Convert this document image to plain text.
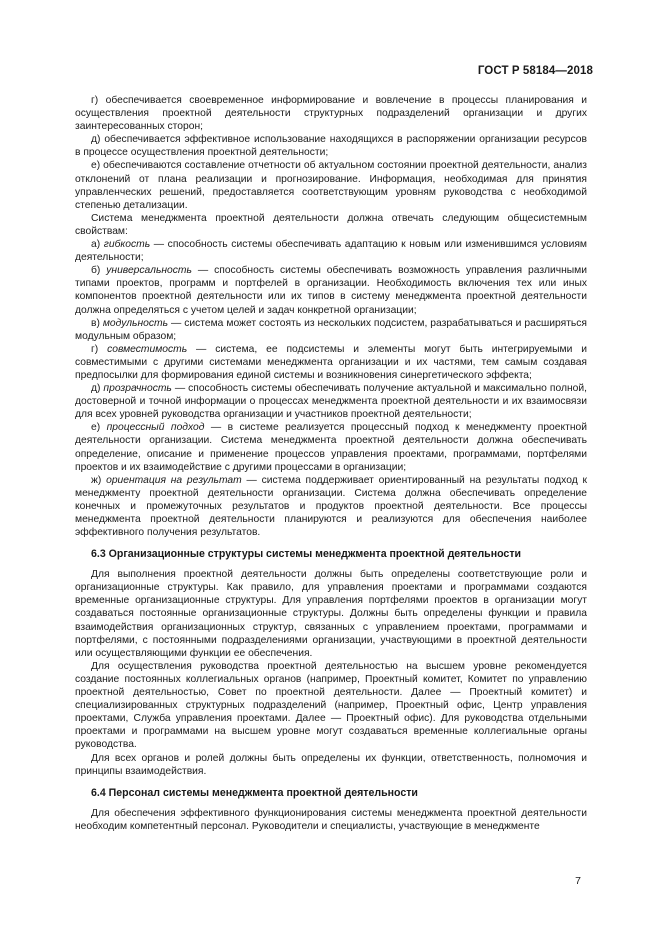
ГОСТ Р 58184—2018

г) обеспечивается своевременное информирование и вовлечение в процессы планирования и осуществления проектной деятельности структурных подразделений организации и других заинтересованных сторон;

д) обеспечивается эффективное использование находящихся в распоряжении организации ресурсов в процессе осуществления проектной деятельности;

е) обеспечиваются составление отчетности об актуальном состоянии проектной деятельности, анализ отклонений от плана реализации и прогнозирование. Информация, необходимая для принятия управленческих решений, предоставляется соответствующим уровням руководства с необходимой степенью детализации.

Система менеджмента проектной деятельности должна отвечать следующим общесистемным свойствам:

а) гибкость — способность системы обеспечивать адаптацию к новым или изменившимся условиям деятельности;

б) универсальность — способность системы обеспечивать возможность управления различными типами проектов, программ и портфелей в организации. Необходимость включения тех или иных компонентов проектной деятельности или их типов в систему менеджмента проектной деятельности должна определяться с учетом целей и задач конкретной организации;

в) модульность — система может состоять из нескольких подсистем, разрабатываться и расширяться модульным образом;

г) совместимость — система, ее подсистемы и элементы могут быть интегрируемыми и совместимыми с другими системами менеджмента организации и их частями, тем самым создавая предпосылки для формирования единой системы и возникновения синергетического эффекта;

д) прозрачность — способность системы обеспечивать получение актуальной и максимально полной, достоверной и точной информации о процессах менеджмента проектной деятельности и их взаимосвязи для всех уровней руководства организации и участников проектной деятельности;

е) процессный подход — в системе реализуется процессный подход к менеджменту проектной деятельности организации. Система менеджмента проектной деятельности должна обеспечивать определение, описание и применение процессов управления проектами, программами, портфелями проектов и их взаимодействие с другими процессами в организации;

ж) ориентация на результат — система поддерживает ориентированный на результаты подход к менеджменту проектной деятельности организации. Система должна обеспечивать определение конечных и промежуточных результатов и продуктов проектной деятельности. Все процессы менеджмента проектной деятельности планируются и реализуются для обеспечения наиболее эффективного получения результатов.

6.3 Организационные структуры системы менеджмента проектной деятельности

Для выполнения проектной деятельности должны быть определены соответствующие роли и организационные структуры. Как правило, для управления проектами и программами создаются временные организационные структуры. Для управления портфелями проектов в организации могут создаваться постоянные организационные структуры. Должны быть определены функции и правила взаимодействия организационных структур, связанных с управлением проектами, программами и портфелями, с постоянными подразделениями организации, участвующими в проектной деятельности или осуществляющими функции ее обеспечения.

Для осуществления руководства проектной деятельностью на высшем уровне рекомендуется создание постоянных коллегиальных органов (например, Проектный комитет, Комитет по управлению проектной деятельностью, Совет по проектной деятельности. Далее — Проектный комитет) и специализированных структурных подразделений (например, Проектный офис, Центр управления проектами, Служба управления проектами. Далее — Проектный офис). Для руководства отдельными проектами и программами на высшем уровне могут создаваться временные коллегиальные органы руководства.

Для всех органов и ролей должны быть определены их функции, ответственность, полномочия и принципы взаимодействия.

6.4 Персонал системы менеджмента проектной деятельности

Для обеспечения эффективного функционирования системы менеджмента проектной деятельности необходим компетентный персонал. Руководители и специалисты, участвующие в менеджменте

7
